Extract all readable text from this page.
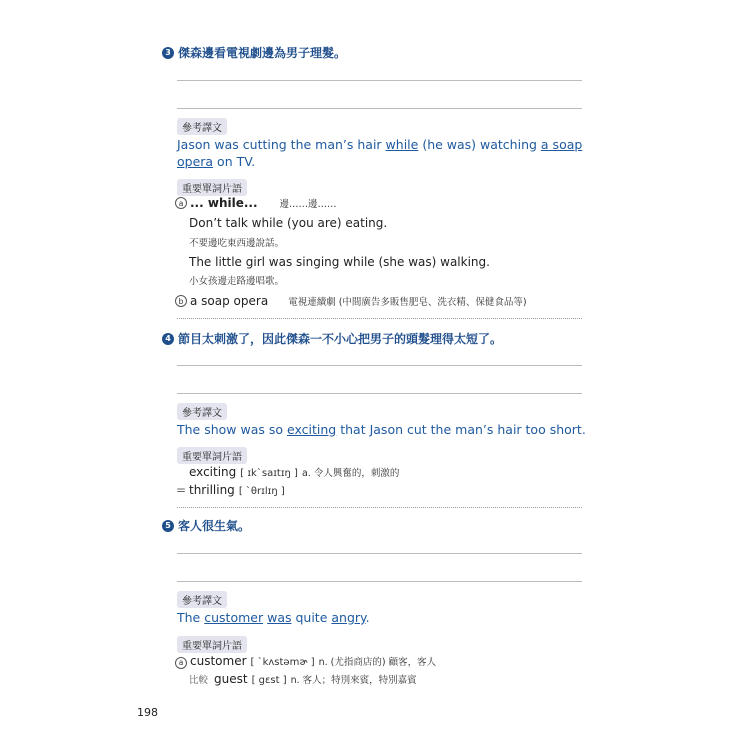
3 傑森邊看電視劇邊為男子理髮。
參考譯文
Jason was cutting the man’s hair while (he was) watching a soap opera on TV.
重要單詞片語
a ... while... 邊……邊……
Don’t talk while (you are) eating.
不要邊吃東西邊說話。
The little girl was singing while (she was) walking.
小女孩邊走路邊唱歌。
b a soap opera 電視連續劇 (中間廣告多販售肥皂、洗衣精、保健食品等)
4 節目太刺激了，因此傑森一不小心把男子的頭髮理得太短了。
參考譯文
The show was so exciting that Jason cut the man’s hair too short.
重要單詞片語
exciting [ ɪkˋsaɪtɪŋ ] a. 令人興奮的，刺激的
= thrilling [ ˋθrɪlɪŋ ]
5 客人很生氣。
參考譯文
The customer was quite angry.
重要單詞片語
a customer [ ˋkʌstəmɚ ] n. (尤指商店的) 顧客，客人
比較 guest [ gɛst ] n. 客人；特別來賓，特別嘉賓
198
